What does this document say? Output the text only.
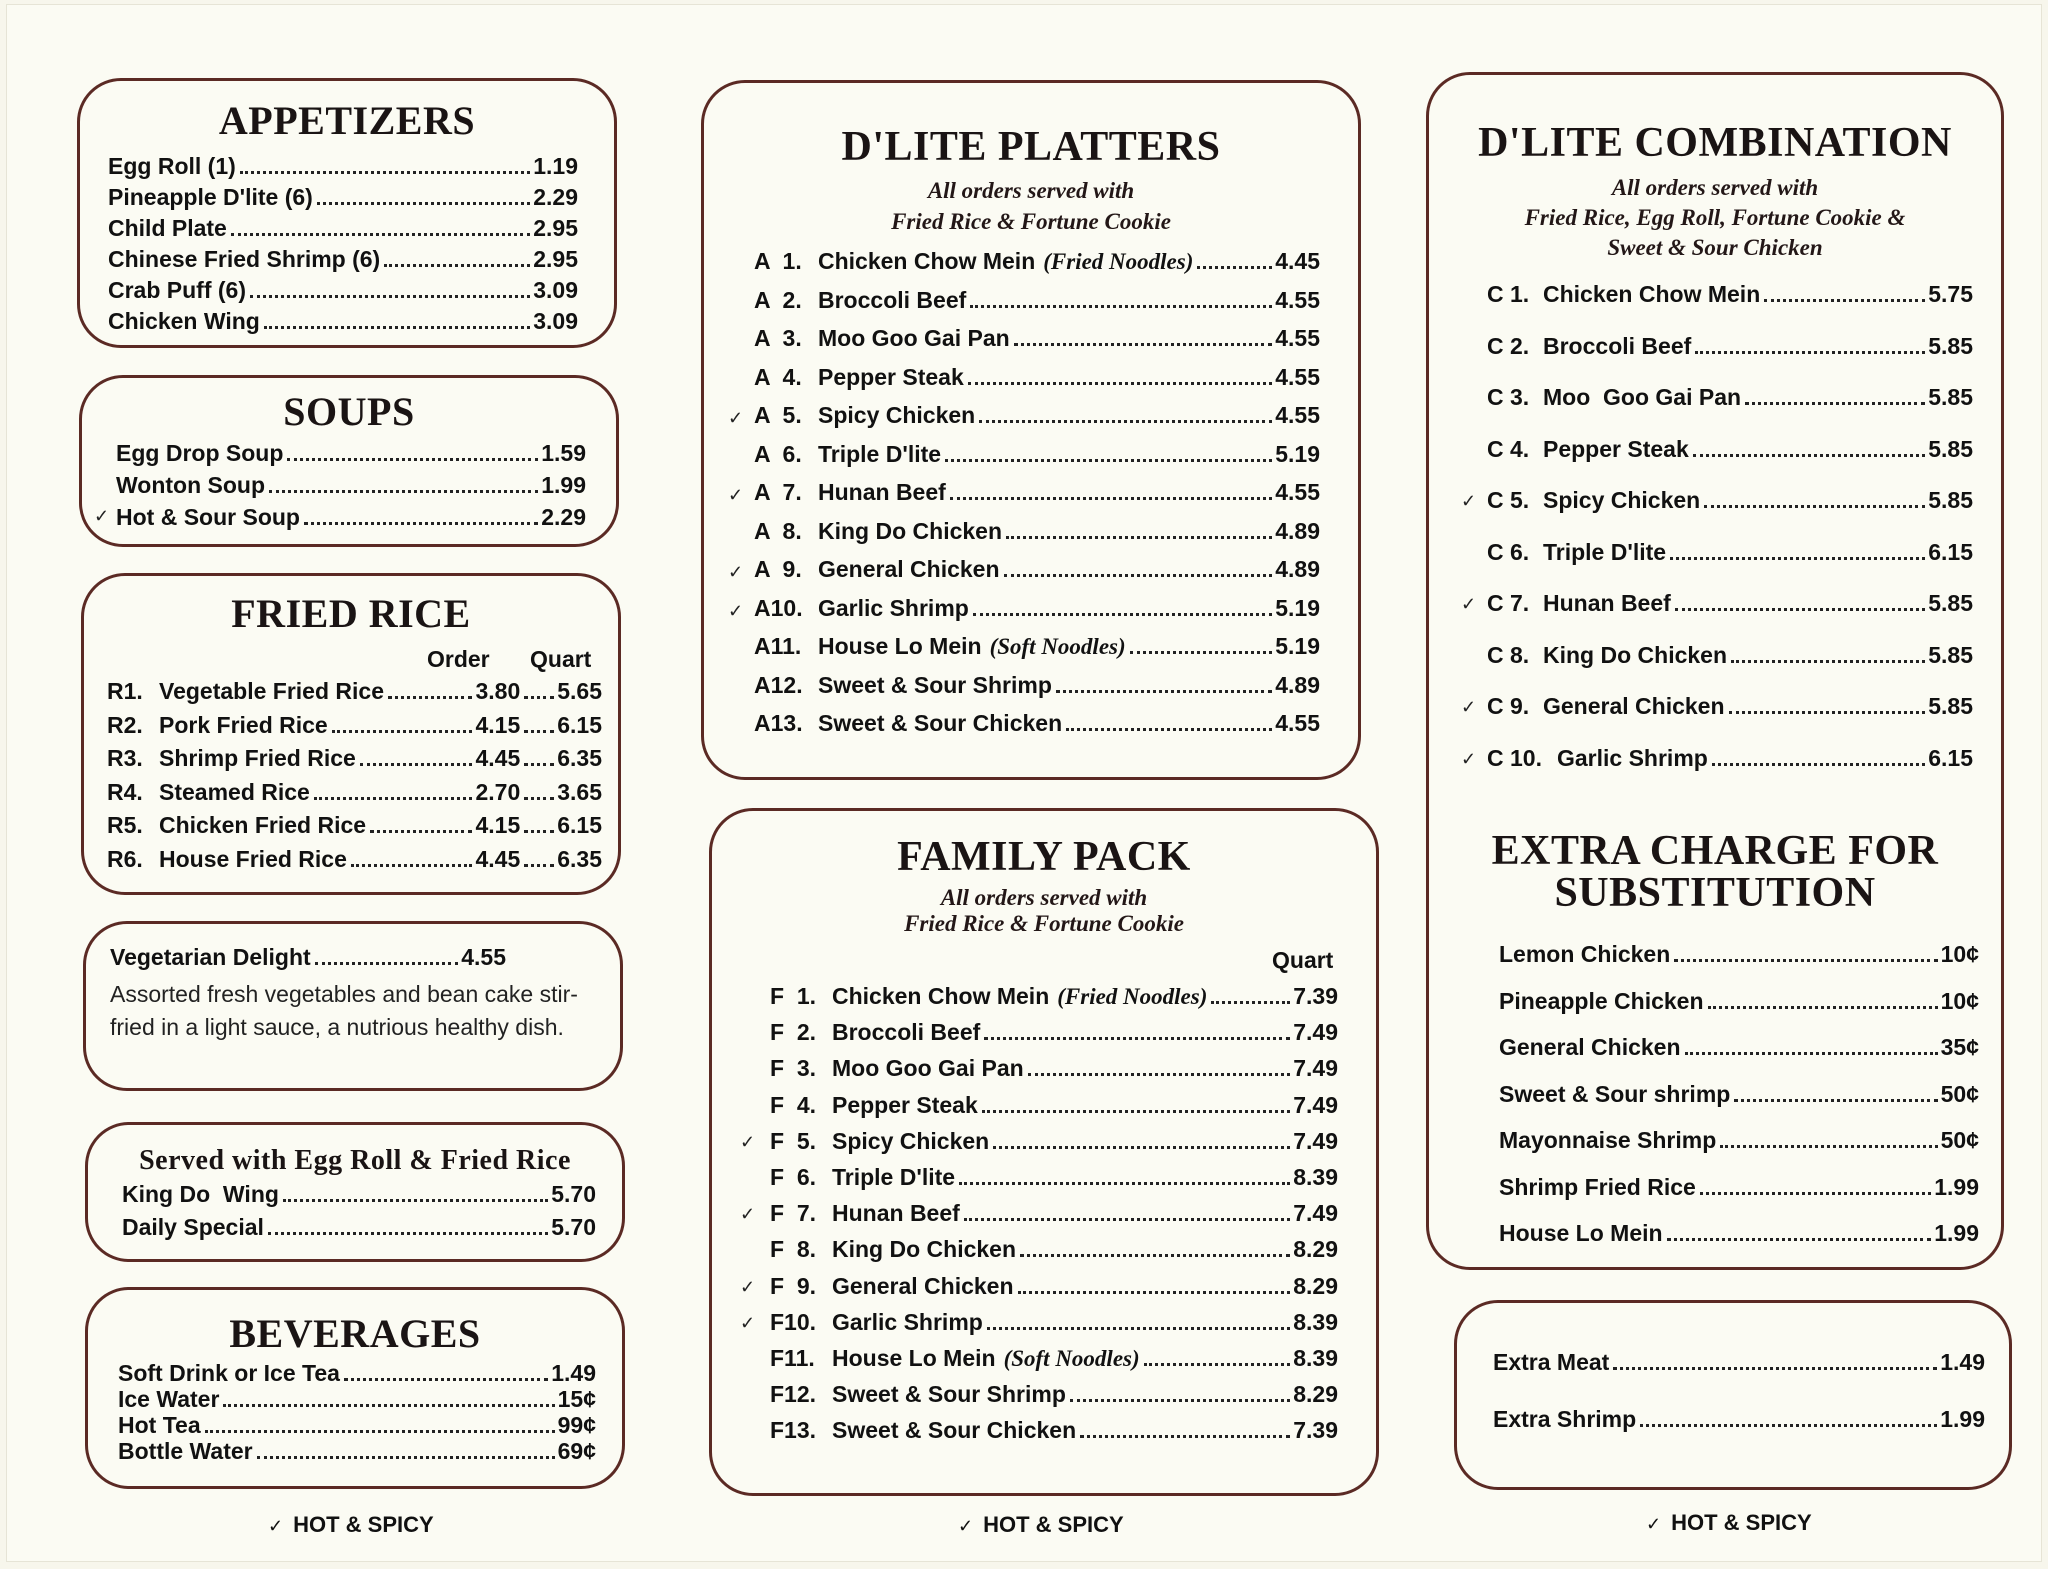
APPETIZERS
Egg Roll (1)	1.19
Pineapple D'lite (6)	2.29
Child Plate	2.95
Chinese Fried Shrimp (6)	2.95
Crab Puff (6)	3.09
Chicken Wing	3.09
SOUPS
Egg Drop Soup	1.59
Wonton Soup	1.99
✓ Hot & Sour Soup	2.29
FRIED RICE
Order Quart
R1. Vegetable Fried Rice	3.80 5.65
R2. Pork Fried Rice	4.15 6.15
R3. Shrimp Fried Rice	4.45 6.35
R4. Steamed Rice	2.70 3.65
R5. Chicken Fried Rice	4.15 6.15
R6. House Fried Rice	4.45 6.35
Vegetarian Delight	4.55
Assorted fresh vegetables and bean cake stir-fried in a light sauce, a nutrious healthy dish.
Served with Egg Roll & Fried Rice
King Do  Wing	5.70
Daily Special	5.70
BEVERAGES
Soft Drink or Ice Tea	1.49
Ice Water	15¢
Hot Tea	99¢
Bottle Water	69¢
✓ HOT & SPICY
D'LITE PLATTERS
All orders served with
Fried Rice & Fortune Cookie
A  1. Chicken Chow Mein (Fried Noodles)	4.45
A  2. Broccoli Beef	4.55
A  3. Moo Goo Gai Pan	4.55
A  4. Pepper Steak	4.55
✓ A  5. Spicy Chicken	4.55
A  6. Triple D'lite	5.19
✓ A  7. Hunan Beef	4.55
A  8. King Do Chicken	4.89
✓ A  9. General Chicken	4.89
✓ A10. Garlic Shrimp	5.19
A11. House Lo Mein (Soft Noodles)	5.19
A12. Sweet & Sour Shrimp	4.89
A13. Sweet & Sour Chicken	4.55
FAMILY PACK
All orders served with
Fried Rice & Fortune Cookie
Quart
F  1. Chicken Chow Mein (Fried Noodles)	7.39
F  2. Broccoli Beef	7.49
F  3. Moo Goo Gai Pan	7.49
F  4. Pepper Steak	7.49
✓ F  5. Spicy Chicken	7.49
F  6. Triple D'lite	8.39
✓ F  7. Hunan Beef	7.49
F  8. King Do Chicken	8.29
✓ F  9. General Chicken	8.29
✓ F10. Garlic Shrimp	8.39
F11. House Lo Mein (Soft Noodles)	8.39
F12. Sweet & Sour Shrimp	8.29
F13. Sweet & Sour Chicken	7.39
✓ HOT & SPICY
D'LITE COMBINATION
All orders served with
Fried Rice, Egg Roll, Fortune Cookie &
Sweet & Sour Chicken
C 1. Chicken Chow Mein	5.75
C 2. Broccoli Beef	5.85
C 3. Moo  Goo Gai Pan	5.85
C 4. Pepper Steak	5.85
✓ C 5. Spicy Chicken	5.85
C 6. Triple D'lite	6.15
✓ C 7. Hunan Beef	5.85
C 8. King Do Chicken	5.85
✓ C 9. General Chicken	5.85
✓ C 10. Garlic Shrimp	6.15
EXTRA CHARGE FOR
SUBSTITUTION
Lemon Chicken	10¢
Pineapple Chicken	10¢
General Chicken	35¢
Sweet & Sour shrimp	50¢
Mayonnaise Shrimp	50¢
Shrimp Fried Rice	1.99
House Lo Mein	1.99
Extra Meat	1.49
Extra Shrimp	1.99
✓ HOT & SPICY
